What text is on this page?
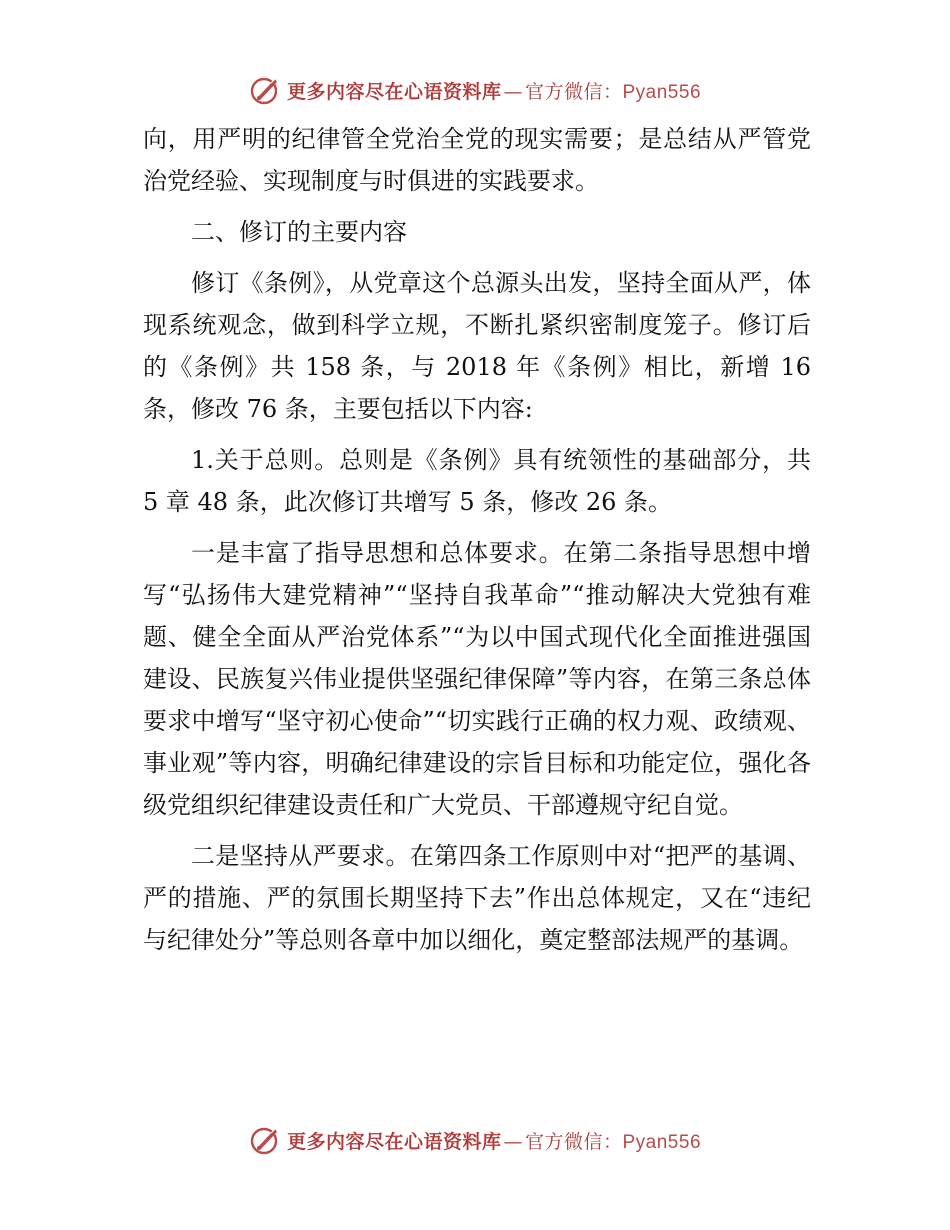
更多内容尽在心语资料库 — 官方微信：Pyan556

向，用严明的纪律管全党治全党的现实需要；是总结从严管党治党经验、实现制度与时俱进的实践要求。

二、修订的主要内容

修订《条例》，从党章这个总源头出发，坚持全面从严，体现系统观念，做到科学立规，不断扎紧织密制度笼子。修订后的《条例》共 158 条，与 2018 年《条例》相比，新增 16 条，修改 76 条，主要包括以下内容:

1.关于总则。总则是《条例》具有统领性的基础部分，共 5 章 48 条，此次修订共增写 5 条，修改 26 条。

一是丰富了指导思想和总体要求。在第二条指导思想中增写“弘扬伟大建党精神”“坚持自我革命”“推动解决大党独有难题、健全全面从严治党体系”“为以中国式现代化全面推进强国建设、民族复兴伟业提供坚强纪律保障”等内容，在第三条总体要求中增写“坚守初心使命”“切实践行正确的权力观、政绩观、事业观”等内容，明确纪律建设的宗旨目标和功能定位，强化各级党组织纪律建设责任和广大党员、干部遵规守纪自觉。

二是坚持从严要求。在第四条工作原则中对“把严的基调、严的措施、严的氛围长期坚持下去”作出总体规定，又在“违纪与纪律处分”等总则各章中加以细化，奠定整部法规严的基调。

更多内容尽在心语资料库 — 官方微信：Pyan556
